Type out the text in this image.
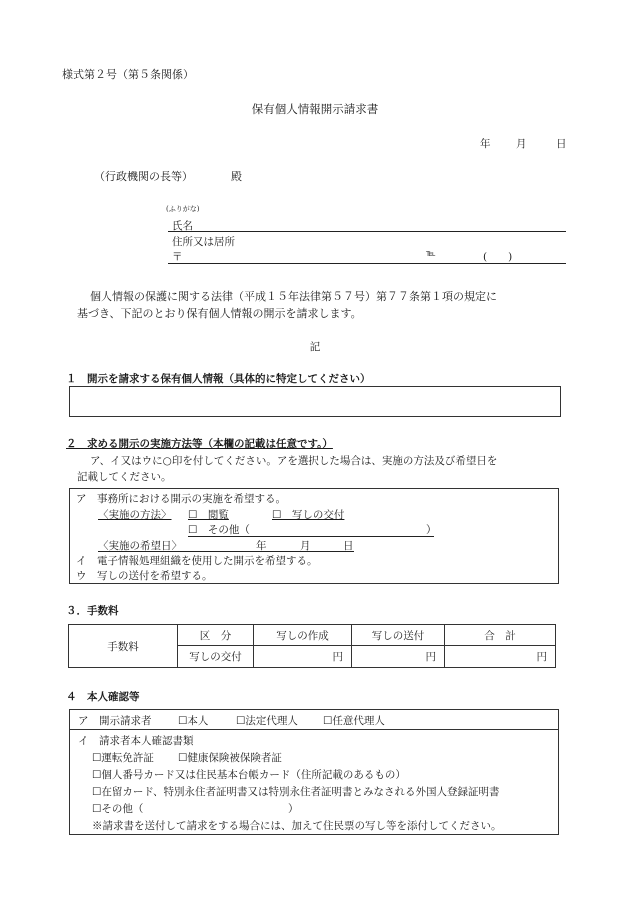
様式第２号（第５条関係）
保有個人情報開示請求書
年 月	日
（行政機関の長等）	殿
(ふりがな)
氏名
住所又は居所
〒	℡	(　　)
個人情報の保護に関する法律（平成１５年法律第５７号）第７７条第１項の規定に
基づき、下記のとおり保有個人情報の開示を請求します。
記
１　開示を請求する保有個人情報（具体的に特定してください）
２　求める開示の実施方法等（本欄の記載は任意です。）
ア、イ又はウに○印を付してください。アを選択した場合は、実施の方法及び希望日を
記載してください。
ア　事務所における開示の実施を希望する。
〈実施の方法〉 ☐　閲覧	☐　写しの交付
☐　その他（	）
〈実施の希望日〉	年	月	日
イ　電子情報処理組織を使用した開示を希望する。
ウ　写しの送付を希望する。
３．手数料
手数料	区　分	写しの作成	写しの送付	合　計
	写しの交付	円	円	円
４　本人確認等
ア　開示請求者	☐本人	☐法定代理人 ☐任意代理人
イ　請求者本人確認書類
☐運転免許証 ☐健康保険被保険者証
☐個人番号カード又は住民基本台帳カード（住所記載のあるもの）
☐在留カード、特別永住者証明書又は特別永住者証明書とみなされる外国人登録証明書
☐その他（	）
※請求書を送付して請求をする場合には、加えて住民票の写し等を添付してください。
